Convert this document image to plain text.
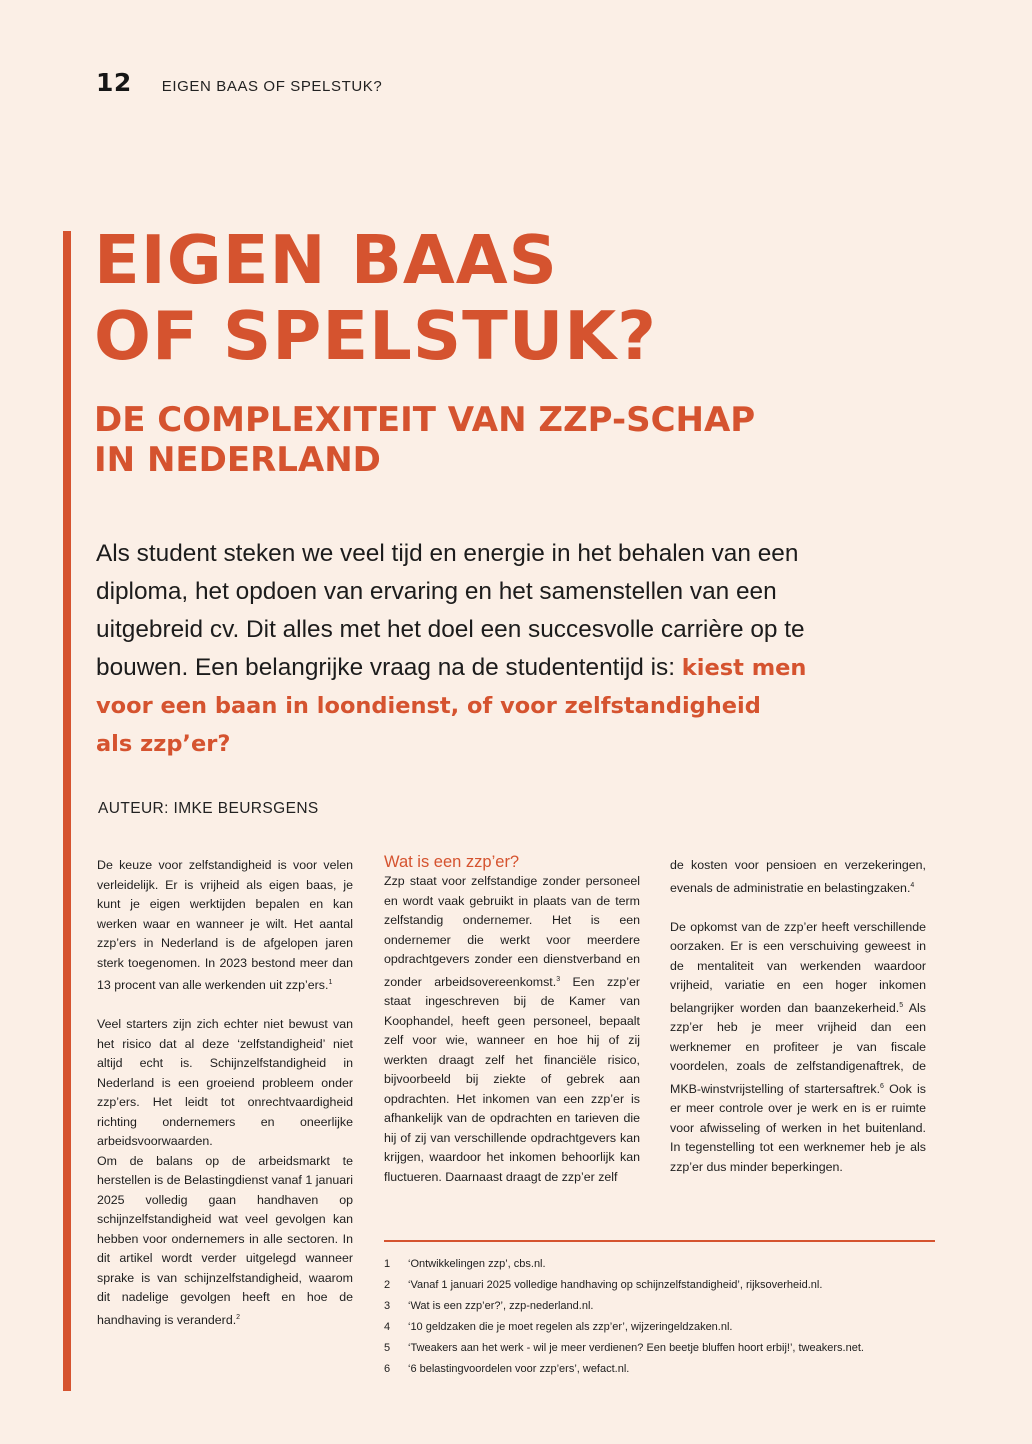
12 EIGEN BAAS OF SPELSTUK?
EIGEN BAAS
OF SPELSTUK?
DE COMPLEXITEIT VAN ZZP-SCHAP
IN NEDERLAND

Als student steken we veel tijd en energie in het behalen van een
diploma, het opdoen van ervaring en het samenstellen van een
uitgebreid cv. Dit alles met het doel een succesvolle carrière op te
bouwen. Een belangrijke vraag na de studententijd is: kiest men
voor een baan in loondienst, of voor zelfstandigheid
als zzp’er?

AUTEUR: IMKE BEURSGENS

De keuze voor zelfstandigheid is voor velen verleidelijk. Er is vrijheid als eigen baas, je kunt je eigen werktijden bepalen en kan werken waar en wanneer je wilt. Het aantal zzp’ers in Nederland is de afgelopen jaren sterk toegenomen. In 2023 bestond meer dan 13 procent van alle werkenden uit zzp’ers.$^1$

Veel starters zijn zich echter niet bewust van het risico dat al deze ‘zelfstandigheid’ niet altijd echt is. Schijnzelfstandigheid in Nederland is een groeiend probleem onder zzp’ers. Het leidt tot onrechtvaardigheid richting ondernemers en oneerlijke arbeidsvoorwaarden.

Om de balans op de arbeidsmarkt te herstellen is de Belastingdienst vanaf 1 januari 2025 volledig gaan handhaven op schijnzelfstandigheid wat veel gevolgen kan hebben voor ondernemers in alle sectoren. In dit artikel wordt verder uitgelegd wanneer sprake is van schijnzelfstandigheid, waarom dit nadelige gevolgen heeft en hoe de handhaving is veranderd.$^2$

Wat is een zzp’er?

Zzp staat voor zelfstandige zonder personeel en wordt vaak gebruikt in plaats van de term zelfstandig ondernemer. Het is een ondernemer die werkt voor meerdere opdrachtgevers zonder een dienstverband en zonder arbeidsovereenkomst.$^3$ Een zzp’er staat ingeschreven bij de Kamer van Koophandel, heeft geen personeel, bepaalt zelf voor wie, wanneer en hoe hij of zij werkten draagt zelf het financiële risico, bijvoorbeeld bij ziekte of gebrek aan opdrachten. Het inkomen van een zzp’er is afhankelijk van de opdrachten en tarieven die hij of zij van verschillende opdrachtgevers kan krijgen, waardoor het inkomen behoorlijk kan fluctueren. Daarnaast draagt de zzp’er zelf

de kosten voor pensioen en verzekeringen, evenals de administratie en belastingzaken.$^4$

De opkomst van de zzp’er heeft verschillende oorzaken. Er is een verschuiving geweest in de mentaliteit van werkenden waardoor vrijheid, variatie en een hoger inkomen belangrijker worden dan baanzekerheid.$^5$ Als zzp’er heb je meer vrijheid dan een werknemer en profiteer je van fiscale voordelen, zoals de zelfstandigenaftrek, de MKB-winstvrijstelling of startersaftrek.$^6$ Ook is er meer controle over je werk en is er ruimte voor afwisseling of werken in het buitenland. In tegenstelling tot een werknemer heb je als zzp’er dus minder beperkingen.

1	‘Ontwikkelingen zzp’, cbs.nl.
2	‘Vanaf 1 januari 2025 volledige handhaving op schijnzelfstandigheid’, rijksoverheid.nl.
3	‘Wat is een zzp’er?’, zzp-nederland.nl.
4	‘10 geldzaken die je moet regelen als zzp’er’, wijzeringeldzaken.nl.
5	‘Tweakers aan het werk - wil je meer verdienen? Een beetje bluffen hoort erbij!’, tweakers.net.
6	‘6 belastingvoordelen voor zzp’ers’, wefact.nl.
